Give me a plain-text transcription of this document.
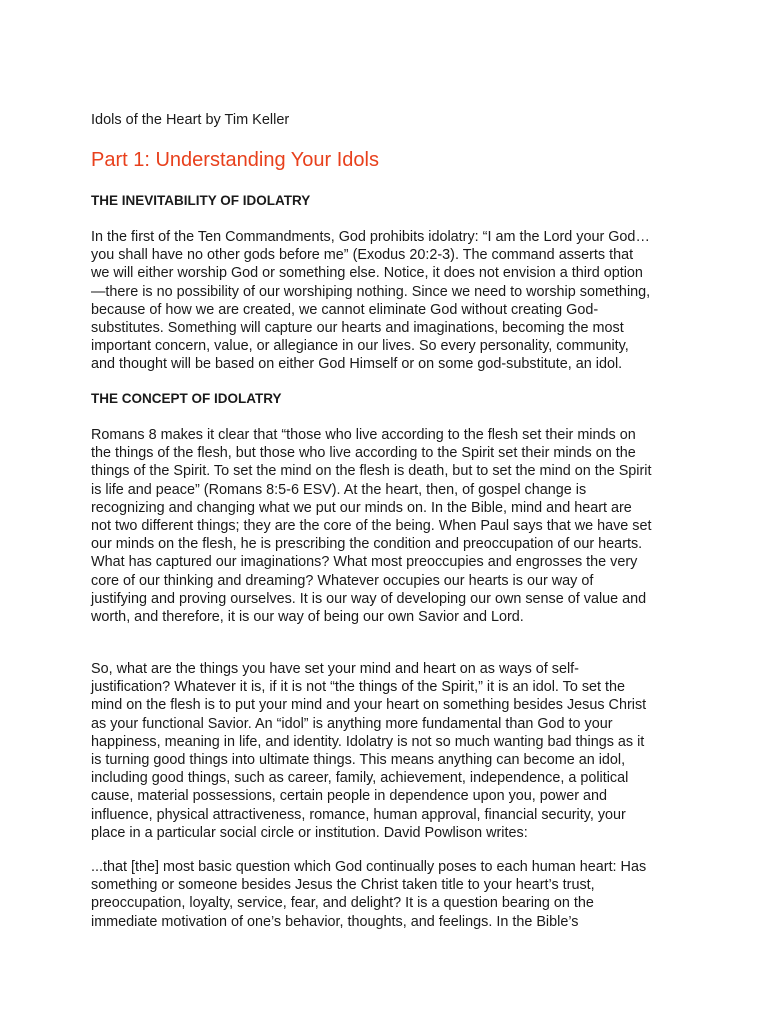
Idols of the Heart by Tim Keller
Part 1: Understanding Your Idols
THE INEVITABILITY OF IDOLATRY
In the first of the Ten Commandments, God prohibits idolatry: “I am the Lord your God…
you shall have no other gods before me” (Exodus 20:2-3). The command asserts that
we will either worship God or something else. Notice, it does not envision a third option
—there is no possibility of our worshiping nothing. Since we need to worship something,
because of how we are created, we cannot eliminate God without creating God-
substitutes. Something will capture our hearts and imaginations, becoming the most
important concern, value, or allegiance in our lives. So every personality, community,
and thought will be based on either God Himself or on some god-substitute, an idol.
THE CONCEPT OF IDOLATRY
Romans 8 makes it clear that “those who live according to the flesh set their minds on
the things of the flesh, but those who live according to the Spirit set their minds on the
things of the Spirit. To set the mind on the flesh is death, but to set the mind on the Spirit
is life and peace” (Romans 8:5-6 ESV). At the heart, then, of gospel change is
recognizing and changing what we put our minds on. In the Bible, mind and heart are
not two different things; they are the core of the being. When Paul says that we have set
our minds on the flesh, he is prescribing the condition and preoccupation of our hearts.
What has captured our imaginations? What most preoccupies and engrosses the very
core of our thinking and dreaming? Whatever occupies our hearts is our way of
justifying and proving ourselves. It is our way of developing our own sense of value and
worth, and therefore, it is our way of being our own Savior and Lord.
So, what are the things you have set your mind and heart on as ways of self-
justification? Whatever it is, if it is not “the things of the Spirit,” it is an idol. To set the
mind on the flesh is to put your mind and your heart on something besides Jesus Christ
as your functional Savior. An “idol” is anything more fundamental than God to your
happiness, meaning in life, and identity. Idolatry is not so much wanting bad things as it
is turning good things into ultimate things. This means anything can become an idol,
including good things, such as career, family, achievement, independence, a political
cause, material possessions, certain people in dependence upon you, power and
influence, physical attractiveness, romance, human approval, financial security, your
place in a particular social circle or institution. David Powlison writes:
...that [the] most basic question which God continually poses to each human heart: Has
something or someone besides Jesus the Christ taken title to your heart’s trust,
preoccupation, loyalty, service, fear, and delight? It is a question bearing on the
immediate motivation of one’s behavior, thoughts, and feelings. In the Bible’s
